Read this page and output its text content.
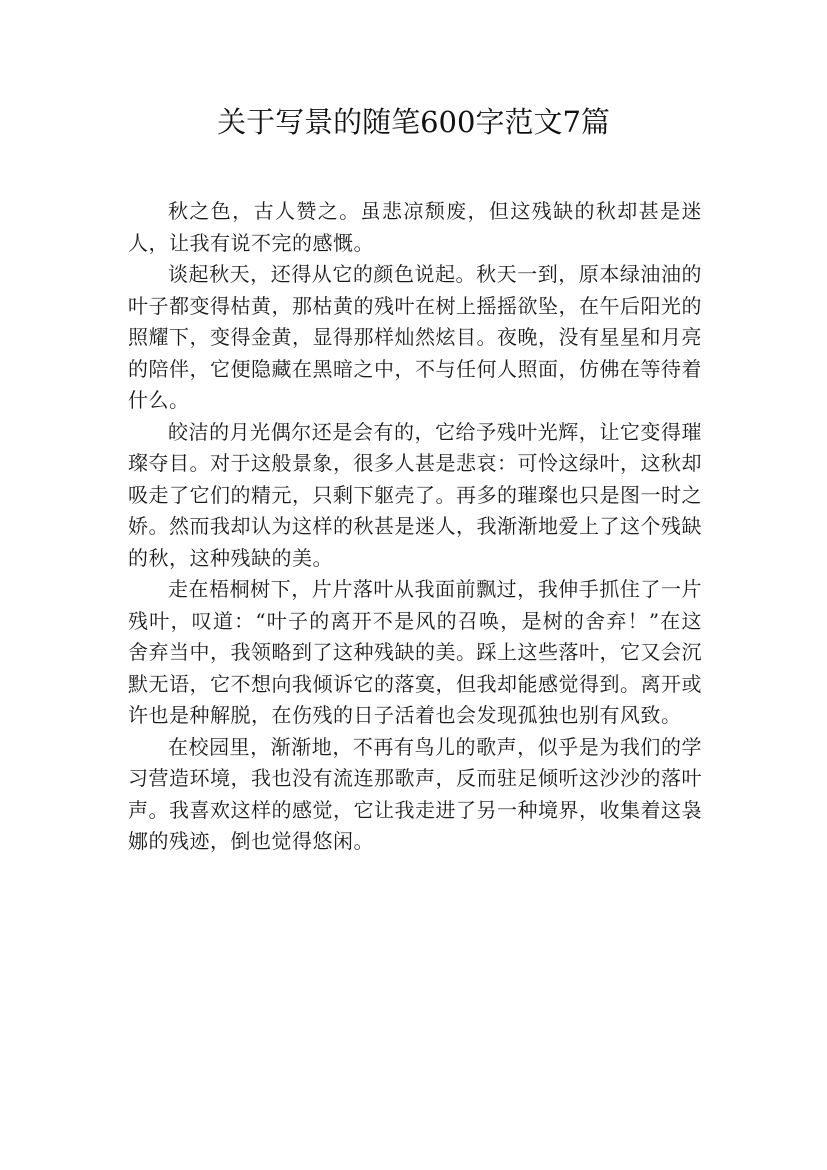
关于写景的随笔600字范文7篇

秋之色，古人赞之。虽悲凉颓废，但这残缺的秋却甚是迷人，让我有说不完的感慨。

谈起秋天，还得从它的颜色说起。秋天一到，原本绿油油的叶子都变得枯黄，那枯黄的残叶在树上摇摇欲坠，在午后阳光的照耀下，变得金黄，显得那样灿然炫目。夜晚，没有星星和月亮的陪伴，它便隐藏在黑暗之中，不与任何人照面，仿佛在等待着什么。

皎洁的月光偶尔还是会有的，它给予残叶光辉，让它变得璀璨夺目。对于这般景象，很多人甚是悲哀：可怜这绿叶，这秋却吸走了它们的精元，只剩下躯壳了。再多的璀璨也只是图一时之娇。然而我却认为这样的秋甚是迷人，我渐渐地爱上了这个残缺的秋，这种残缺的美。

走在梧桐树下，片片落叶从我面前飘过，我伸手抓住了一片残叶，叹道：“叶子的离开不是风的召唤，是树的舍弃！”在这舍弃当中，我领略到了这种残缺的美。踩上这些落叶，它又会沉默无语，它不想向我倾诉它的落寞，但我却能感觉得到。离开或许也是种解脱，在伤残的日子活着也会发现孤独也别有风致。

在校园里，渐渐地，不再有鸟儿的歌声，似乎是为我们的学习营造环境，我也没有流连那歌声，反而驻足倾听这沙沙的落叶声。我喜欢这样的感觉，它让我走进了另一种境界，收集着这袅娜的残迹，倒也觉得悠闲。
